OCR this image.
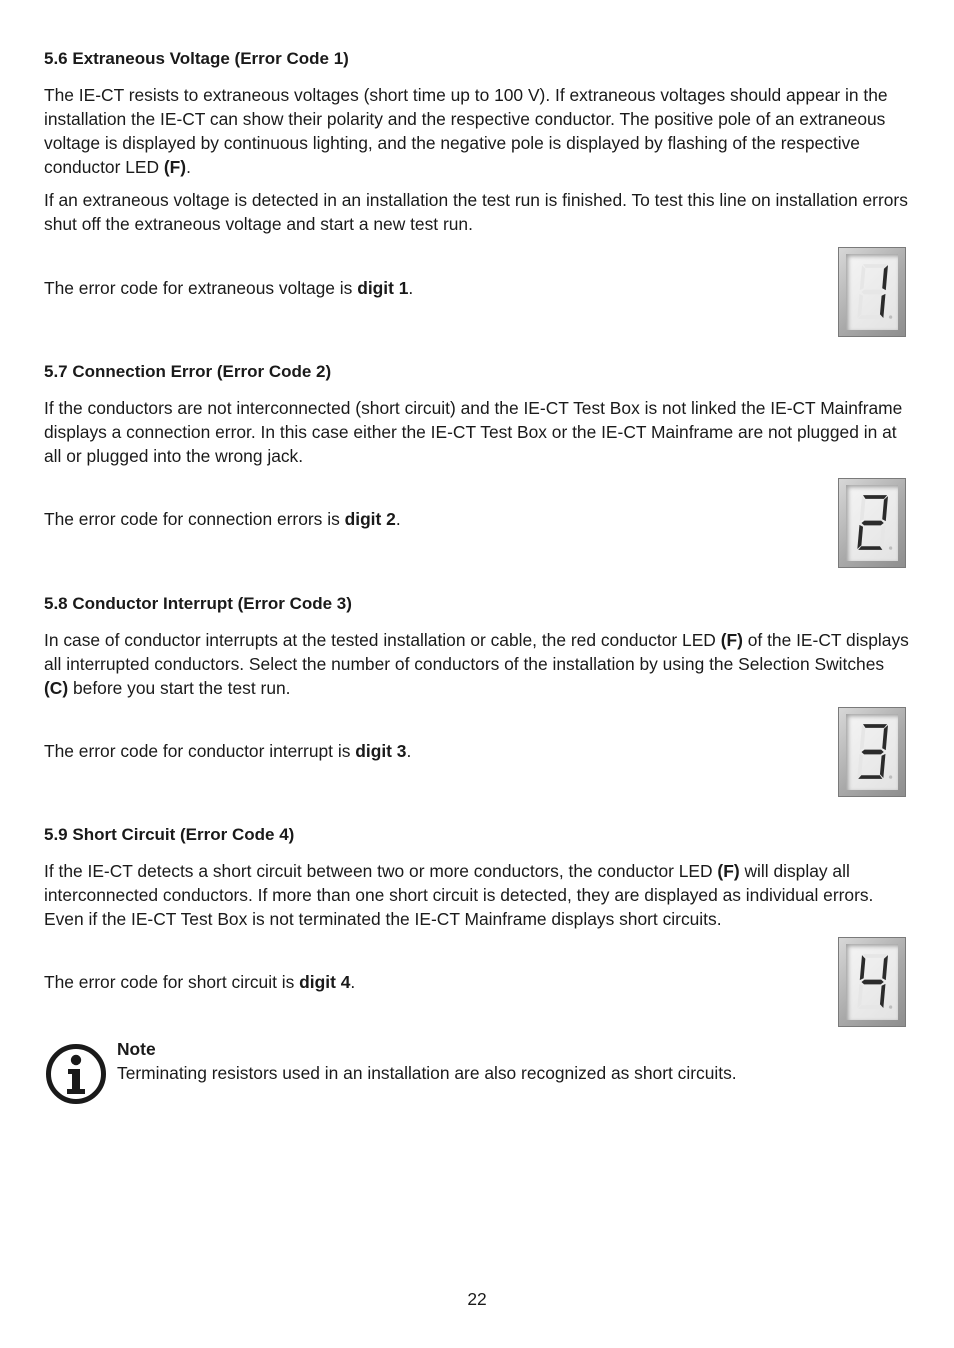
5.6 Extraneous Voltage (Error Code 1)

The IE-CT resists to extraneous voltages (short time up to 100 V). If extraneous voltages should appear in the installation the IE-CT can show their polarity and the respective conductor. The positive pole of an extraneous voltage is displayed by continuous lighting, and the negative pole is displayed by flashing of the respective conductor LED (F).

If an extraneous voltage is detected in an installation the test run is finished. To test this line on installation errors shut off the extraneous voltage and start a new test run.

The error code for extraneous voltage is digit 1.
5.7 Connection Error (Error Code 2)

If the conductors are not interconnected (short circuit) and the IE-CT Test Box is not linked the IE-CT Mainframe displays a connection error. In this case either the IE-CT Test Box or the IE-CT Mainframe are not plugged in at all or plugged into the wrong jack.

The error code for connection errors is digit 2.
5.8 Conductor Interrupt (Error Code 3)

In case of conductor interrupts at the tested installation or cable, the red conductor LED (F) of the IE-CT displays all interrupted conductors. Select the number of conductors of the installation by using the Selection Switches (C) before you start the test run.

The error code for conductor interrupt is digit 3.
5.9 Short Circuit (Error Code 4)

If the IE-CT detects a short circuit between two or more conductors, the conductor LED (F) will display all interconnected conductors. If more than one short circuit is detected, they are displayed as individual errors. Even if the IE-CT Test Box is not terminated the IE-CT Mainframe displays short circuits.

The error code for short circuit is digit 4.
Note
Terminating resistors used in an installation are also recognized as short circuits.
22
